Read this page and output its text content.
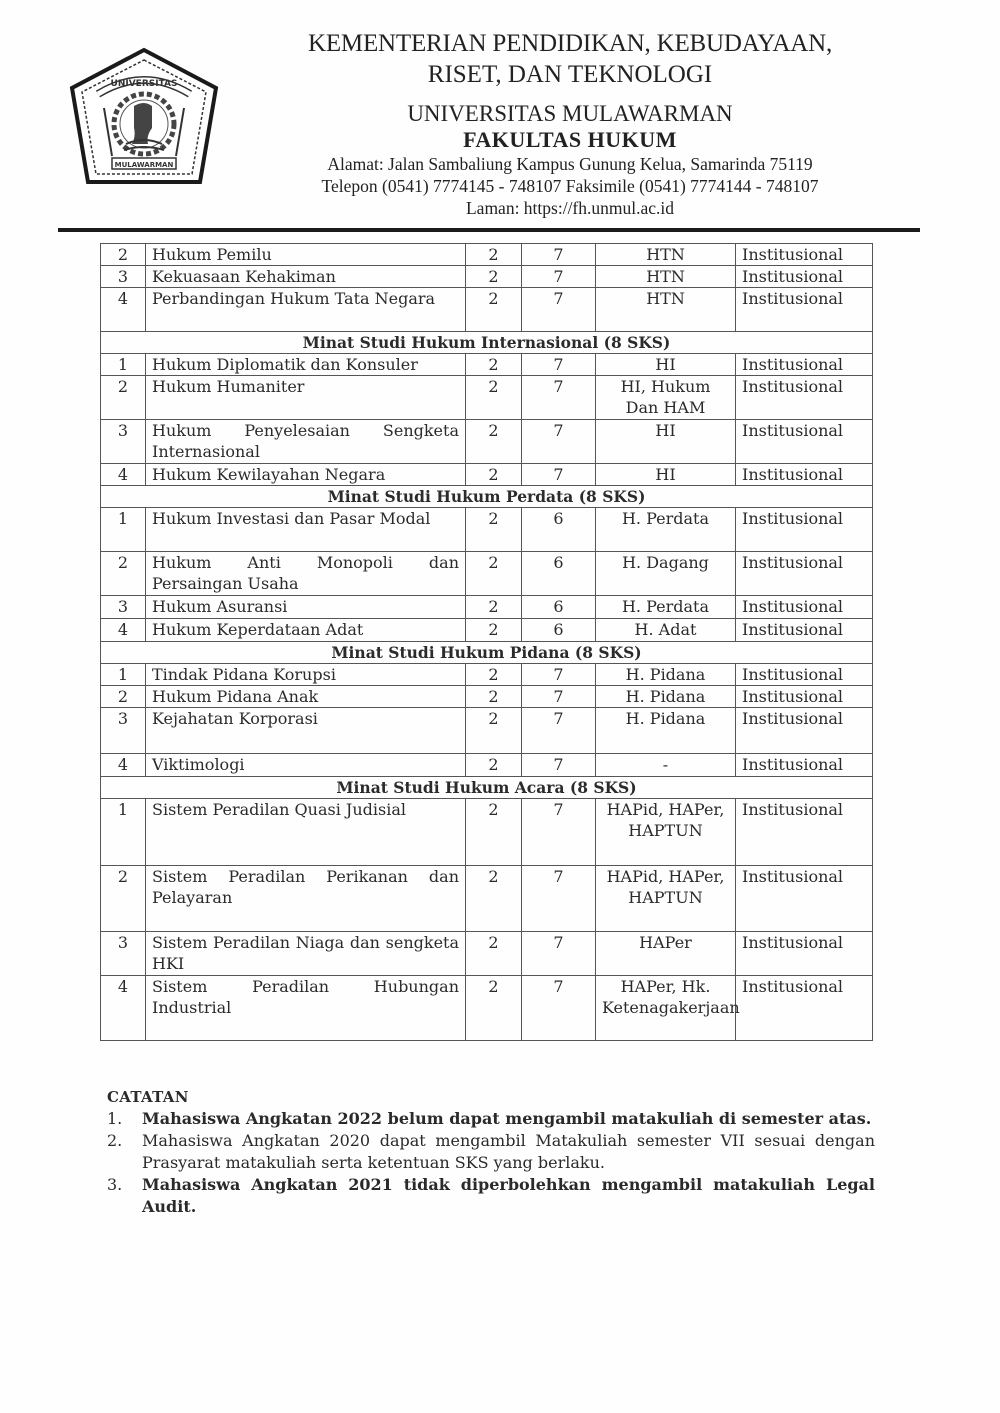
UNIVERSITAS
MULAWARMAN
KEMENTERIAN PENDIDIKAN, KEBUDAYAAN,
RISET, DAN TEKNOLOGI
UNIVERSITAS MULAWARMAN
FAKULTAS HUKUM
Alamat: Jalan Sambaliung Kampus Gunung Kelua, Samarinda 75119
Telepon (0541) 7774145 - 748107 Faksimile (0541) 7774144 - 748107
Laman: https://fh.unmul.ac.id
2	Hukum Pemilu	2	7	HTN	Institusional
3	Kekuasaan Kehakiman	2	7	HTN	Institusional
4	Perbandingan Hukum Tata Negara	2	7	HTN	Institusional
Minat Studi Hukum Internasional (8 SKS)					
1	Hukum Diplomatik dan Konsuler	2	7	HI	Institusional
2	Hukum Humaniter	2	7	HI, Hukum Dan HAM	Institusional
3	Hukum Penyelesaian Sengketa Internasional	2	7	HI	Institusional
4	Hukum Kewilayahan Negara	2	7	HI	Institusional
Minat Studi Hukum Perdata (8 SKS)					
1	Hukum Investasi dan Pasar Modal	2	6	H. Perdata	Institusional
2	Hukum Anti Monopoli dan Persaingan Usaha	2	6	H. Dagang	Institusional
3	Hukum Asuransi	2	6	H. Perdata	Institusional
4	Hukum Keperdataan Adat	2	6	H. Adat	Institusional
Minat Studi Hukum Pidana (8 SKS)					
1	Tindak Pidana Korupsi	2	7	H. Pidana	Institusional
2	Hukum Pidana Anak	2	7	H. Pidana	Institusional
3	Kejahatan Korporasi	2	7	H. Pidana	Institusional
4	Viktimologi	2	7	-	Institusional
Minat Studi Hukum Acara (8 SKS)					
1	Sistem Peradilan Quasi Judisial	2	7	HAPid, HAPer, HAPTUN	Institusional
2	Sistem Peradilan Perikanan dan Pelayaran	2	7	HAPid, HAPer, HAPTUN	Institusional
3	Sistem Peradilan Niaga dan sengketa HKI	2	7	HAPer	Institusional
4	Sistem Peradilan Hubungan Industrial	2	7	HAPer, Hk. Ketenagakerjaan	Institusional
CATATAN
1. Mahasiswa Angkatan 2022 belum dapat mengambil matakuliah di semester atas.
2. Mahasiswa Angkatan 2020 dapat mengambil Matakuliah semester VII sesuai dengan Prasyarat matakuliah serta ketentuan SKS yang berlaku.
3. Mahasiswa Angkatan 2021 tidak diperbolehkan mengambil matakuliah Legal Audit.
